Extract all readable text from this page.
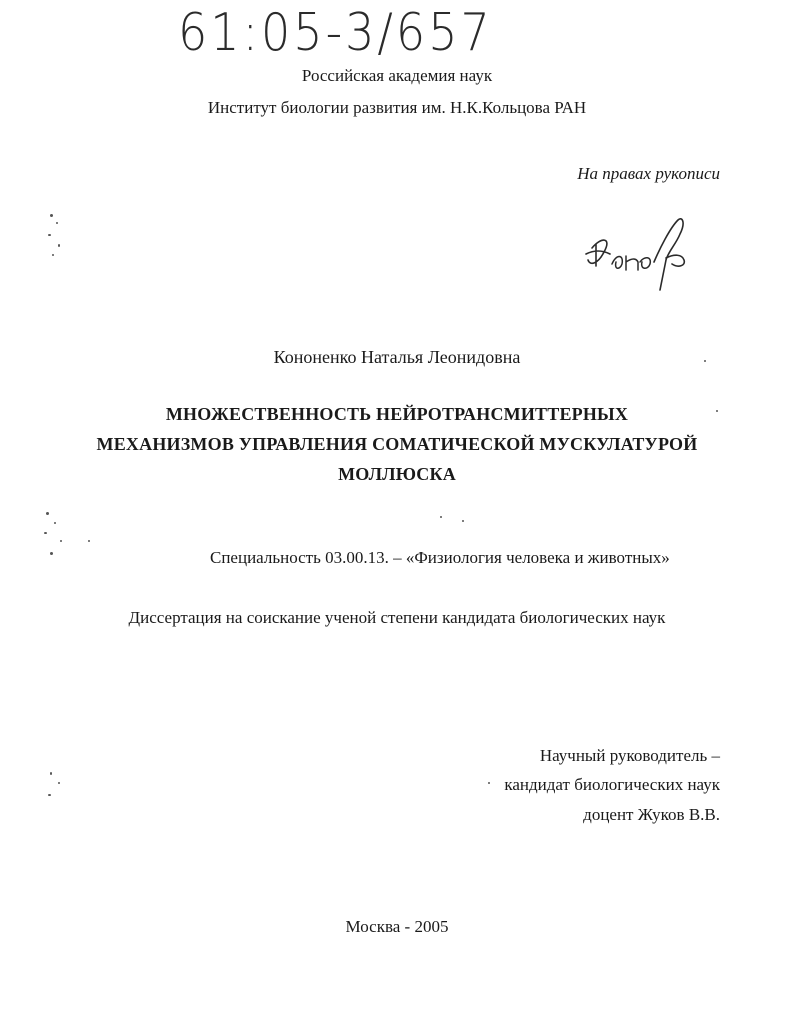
61:05-3/657
Российская академия наук
Институт биологии развития им. Н.К.Кольцова РАН
На правах рукописи
Кононенко Наталья Леонидовна
МНОЖЕСТВЕННОСТЬ НЕЙРОТРАНСМИТТЕРНЫХ
МЕХАНИЗМОВ УПРАВЛЕНИЯ СОМАТИЧЕСКОЙ МУСКУЛАТУРОЙ
МОЛЛЮСКА
Специальность 03.00.13. – «Физиология человека и животных»
Диссертация на соискание ученой степени кандидата биологических наук
Научный руководитель –
кандидат биологических наук
доцент Жуков В.В.
Москва - 2005
